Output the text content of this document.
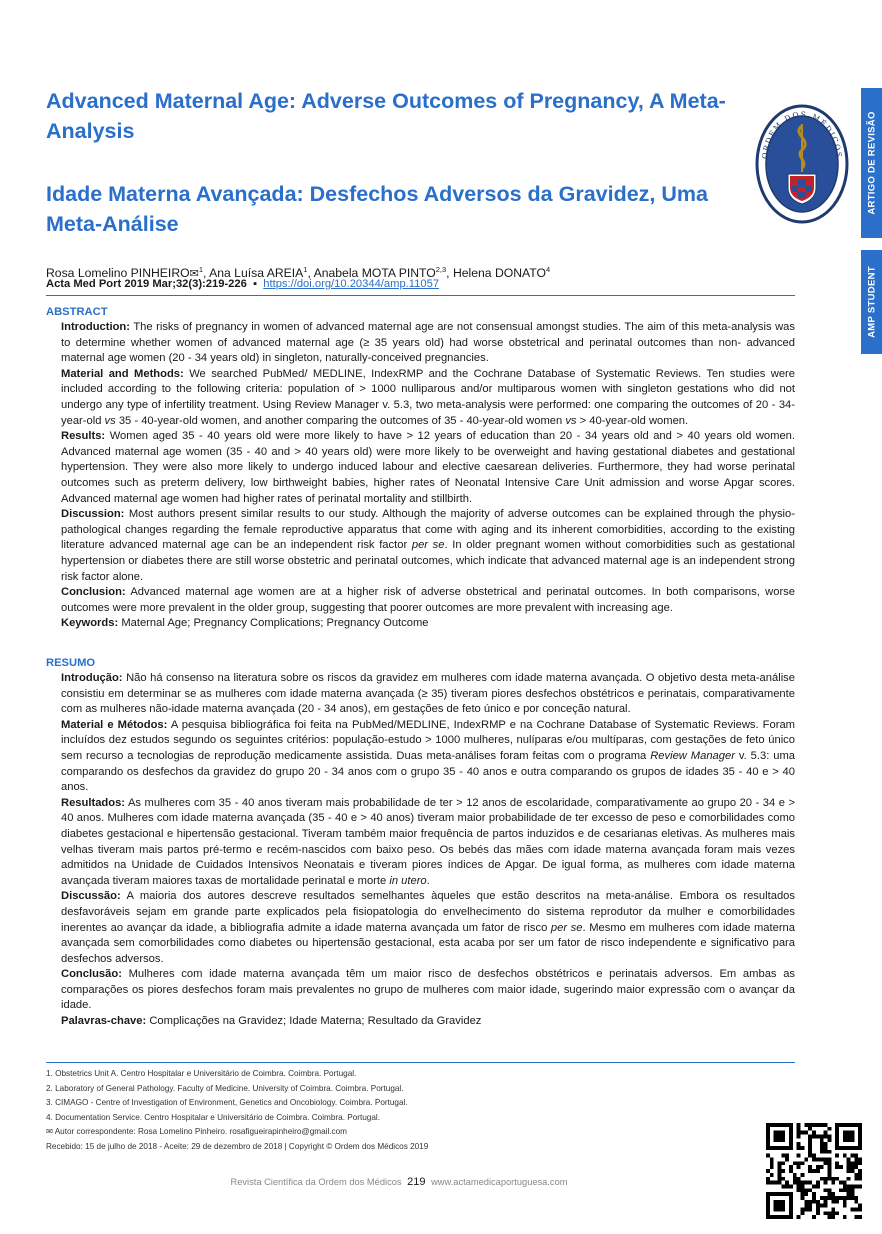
Advanced Maternal Age: Adverse Outcomes of Pregnancy, A Meta-Analysis
Idade Materna Avançada: Desfechos Adversos da Gravidez, Uma Meta-Análise
ORDEM DOS MÉDICOS ARTIGO DE REVISÃO
AMP STUDENT
Rosa Lomelino PINHEIRO✉$^1$, Ana Luísa AREIA$^1$, Anabela MOTA PINTO$^{2,3}$, Helena DONATO$^4$
Acta Med Port 2019 Mar;32(3):219-226 ▪ https://doi.org/10.20344/amp.11057
ABSTRACT

Introduction: The risks of pregnancy in women of advanced maternal age are not consensual amongst studies. The aim of this meta-analysis was to determine whether women of advanced maternal age (≥ 35 years old) had worse obstetrical and perinatal outcomes than non- advanced maternal age women (20 - 34 years old) in singleton, naturally-conceived pregnancies.

Material and Methods: We searched PubMed/ MEDLINE, IndexRMP and the Cochrane Database of Systematic Reviews. Ten studies were included according to the following criteria: population of > 1000 nulliparous and/or multiparous women with singleton gestations who did not undergo any type of infertility treatment. Using Review Manager v. 5.3, two meta-analysis were performed: one comparing the outcomes of 20 - 34-year-old vs 35 - 40-year-old women, and another comparing the outcomes of 35 - 40-year-old women vs > 40-year-old women.

Results: Women aged 35 - 40 years old were more likely to have > 12 years of education than 20 - 34 years old and > 40 years old women. Advanced maternal age women (35 - 40 and > 40 years old) were more likely to be overweight and having gestational diabetes and gestational hypertension. They were also more likely to undergo induced labour and elective caesarean deliveries. Furthermore, they had worse perinatal outcomes such as preterm delivery, low birthweight babies, higher rates of Neonatal Intensive Care Unit admission and worse Apgar scores. Advanced maternal age women had higher rates of perinatal mortality and stillbirth.

Discussion: Most authors present similar results to our study. Although the majority of adverse outcomes can be explained through the physio-pathological changes regarding the female reproductive apparatus that come with aging and its inherent comorbidities, according to the existing literature advanced maternal age can be an independent risk factor per se. In older pregnant women without comorbidities such as gestational hypertension or diabetes there are still worse obstetric and perinatal outcomes, which indicate that advanced maternal age is an independent strong risk factor alone.

Conclusion: Advanced maternal age women are at a higher risk of adverse obstetrical and perinatal outcomes. In both comparisons, worse outcomes were more prevalent in the older group, suggesting that poorer outcomes are more prevalent with increasing age.

Keywords: Maternal Age; Pregnancy Complications; Pregnancy Outcome

RESUMO

Introdução: Não há consenso na literatura sobre os riscos da gravidez em mulheres com idade materna avançada. O objetivo desta meta-análise consistiu em determinar se as mulheres com idade materna avançada (≥ 35) tiveram piores desfechos obstétricos e perinatais, comparativamente com as mulheres não-idade materna avançada (20 - 34 anos), em gestações de feto único e por conceção natural.

Material e Métodos: A pesquisa bibliográfica foi feita na PubMed/MEDLINE, IndexRMP e na Cochrane Database of Systematic Reviews. Foram incluídos dez estudos segundo os seguintes critérios: população-estudo > 1000 mulheres, nulíparas e/ou multíparas, com gestações de feto único sem recurso a tecnologias de reprodução medicamente assistida. Duas meta-análises foram feitas com o programa Review Manager v. 5.3: uma comparando os desfechos da gravidez do grupo 20 - 34 anos com o grupo 35 - 40 anos e outra comparando os grupos de idades 35 - 40 e > 40 anos.

Resultados: As mulheres com 35 - 40 anos tiveram mais probabilidade de ter > 12 anos de escolaridade, comparativamente ao grupo 20 - 34 e > 40 anos. Mulheres com idade materna avançada (35 - 40 e > 40 anos) tiveram maior probabilidade de ter excesso de peso e comorbilidades como diabetes gestacional e hipertensão gestacional. Tiveram também maior frequência de partos induzidos e de cesarianas eletivas. As mulheres mais velhas tiveram mais partos pré-termo e recém-nascidos com baixo peso. Os bebés das mães com idade materna avançada foram mais vezes admitidos na Unidade de Cuidados Intensivos Neonatais e tiveram piores índices de Apgar. De igual forma, as mulheres com idade materna avançada tiveram maiores taxas de mortalidade perinatal e morte in utero.

Discussão: A maioria dos autores descreve resultados semelhantes àqueles que estão descritos na meta-análise. Embora os resultados desfavoráveis sejam em grande parte explicados pela fisiopatologia do envelhecimento do sistema reprodutor da mulher e comorbilidades inerentes ao avançar da idade, a bibliografia admite a idade materna avançada um fator de risco per se. Mesmo em mulheres com idade materna avançada sem comorbilidades como diabetes ou hipertensão gestacional, esta acaba por ser um fator de risco independente e significativo para desfechos adversos.

Conclusão: Mulheres com idade materna avançada têm um maior risco de desfechos obstétricos e perinatais adversos. Em ambas as comparações os piores desfechos foram mais prevalentes no grupo de mulheres com maior idade, sugerindo maior expressão com o avançar da idade.

Palavras-chave: Complicações na Gravidez; Idade Materna; Resultado da Gravidez

1. Obstetrics Unit A. Centro Hospitalar e Universitário de Coimbra. Coimbra. Portugal.

2. Laboratory of General Pathology. Faculty of Medicine. University of Coimbra. Coimbra. Portugal.

3. CIMAGO - Centre of Investigation of Environment, Genetics and Oncobiology. Coimbra. Portugal.

4. Documentation Service. Centro Hospitalar e Universitário de Coimbra. Coimbra. Portugal.

✉ Autor correspondente: Rosa Lomelino Pinheiro. rosafigueirapinheiro@gmail.com

Recebido: 15 de julho de 2018 - Aceite: 29 de dezembro de 2018 | Copyright © Ordem dos Médicos 2019

Revista Científica da Ordem dos Médicos 219 www.actamedicaportuguesa.com
